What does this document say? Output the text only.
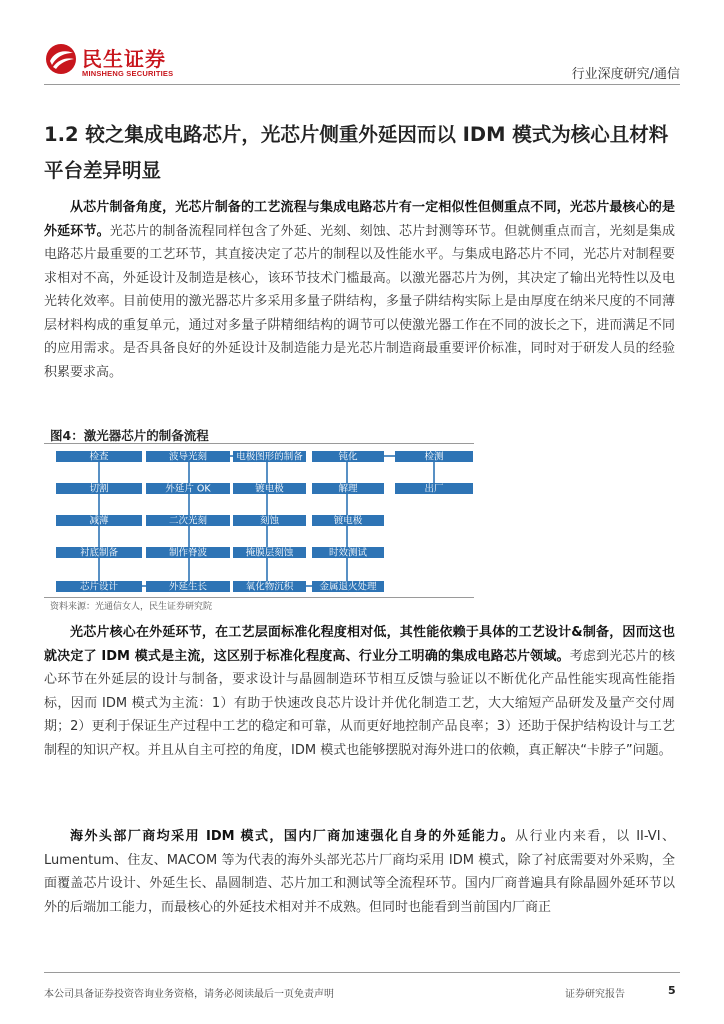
民生证券
MINSHENG SECURITIES	行业深度研究/通信
1.2 较之集成电路芯片，光芯片侧重外延因而以 IDM 模式为核心且材料平台差异明显
从芯片制备角度，光芯片制备的工艺流程与集成电路芯片有一定相似性但侧重点不同，光芯片最核心的是外延环节。光芯片的制备流程同样包含了外延、光刻、刻蚀、芯片封测等环节。但就侧重点而言，光刻是集成电路芯片最重要的工艺环节，其直接决定了芯片的制程以及性能水平。与集成电路芯片不同，光芯片对制程要求相对不高，外延设计及制造是核心，该环节技术门槛最高。以激光器芯片为例，其决定了输出光特性以及电光转化效率。目前使用的激光器芯片多采用多量子阱结构，多量子阱结构实际上是由厚度在纳米尺度的不同薄层材料构成的重复单元，通过对多量子阱精细结构的调节可以使激光器工作在不同的波长之下，进而满足不同的应用需求。是否具备良好的外延设计及制造能力是光芯片制造商最重要评价标准，同时对于研发人员的经验积累要求高。
图4：激光器芯片的制备流程
芯片设计
衬底制备
减薄
切割
检查
外延生长
制作脊波
二次光刻
外延片 OK
波导光刻	电极图形的制备
镀电极
刻蚀
掩膜层刻蚀
氧化物沉积	金属退火处理
时效测试
镀电极
解理
钝化	检测
出厂
资料来源：光通信女人，民生证券研究院
光芯片核心在外延环节，在工艺层面标准化程度相对低，其性能依赖于具体的工艺设计&制备，因而这也就决定了 IDM 模式是主流，这区别于标准化程度高、行业分工明确的集成电路芯片领域。考虑到光芯片的核心环节在外延层的设计与制备，要求设计与晶圆制造环节相互反馈与验证以不断优化产品性能实现高性能指标，因而 IDM 模式为主流：1）有助于快速改良芯片设计并优化制造工艺，大大缩短产品研发及量产交付周期；2）更利于保证生产过程中工艺的稳定和可靠，从而更好地控制产品良率；3）还助于保护结构设计与工艺制程的知识产权。并且从自主可控的角度，IDM 模式也能够摆脱对海外进口的依赖，真正解决“卡脖子”问题。
海外头部厂商均采用 IDM 模式，国内厂商加速强化自身的外延能力。从行业内来看，以 II-VI、Lumentum、住友、MACOM 等为代表的海外头部光芯片厂商均采用 IDM 模式，除了衬底需要对外采购，全面覆盖芯片设计、外延生长、晶圆制造、芯片加工和测试等全流程环节。国内厂商普遍具有除晶圆外延环节以外的后端加工能力，而最核心的外延技术相对并不成熟。但同时也能看到当前国内厂商正
本公司具备证券投资咨询业务资格，请务必阅读最后一页免责声明	证券研究报告	5
